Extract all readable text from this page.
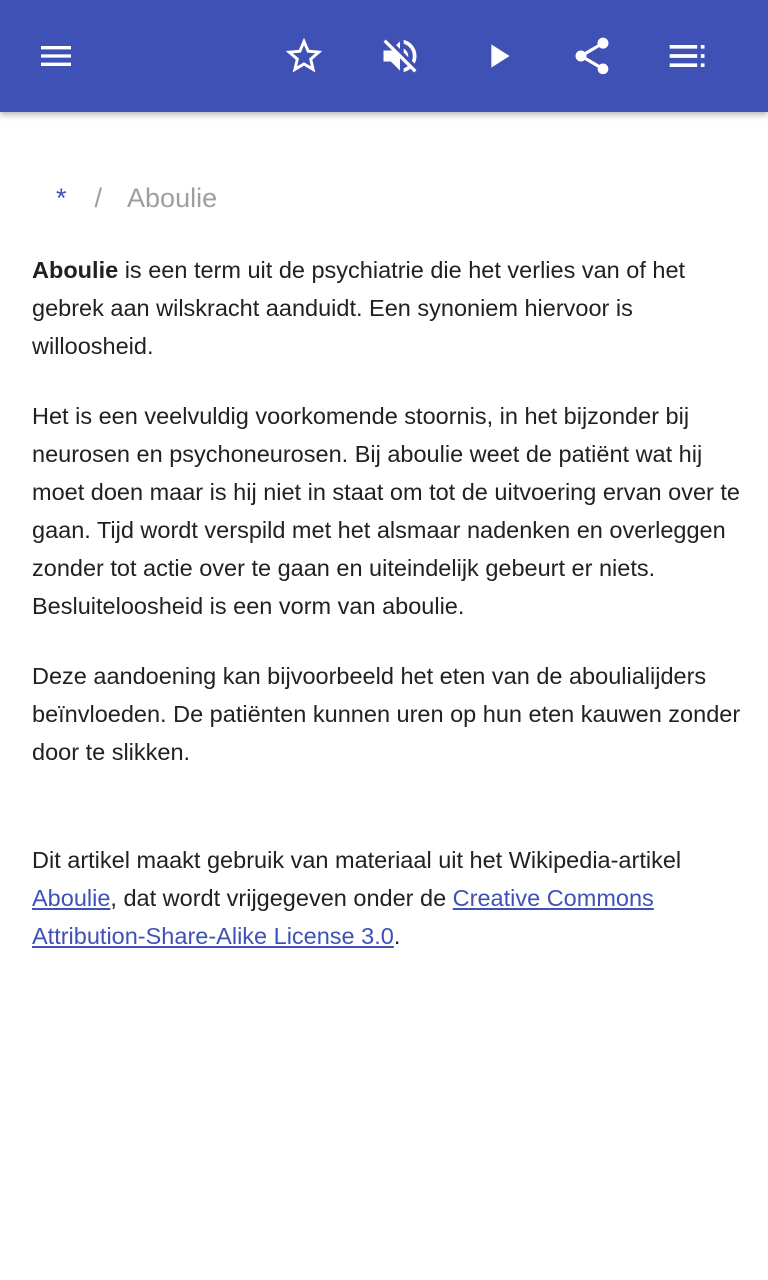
* / Aboulie

Aboulie is een term uit de psychiatrie die het verlies van of het gebrek aan wilskracht aanduidt. Een synoniem hiervoor is willoosheid.

Het is een veelvuldig voorkomende stoornis, in het bijzonder bij neurosen en psychoneurosen. Bij aboulie weet de patiënt wat hij moet doen maar is hij niet in staat om tot de uitvoering ervan over te gaan. Tijd wordt verspild met het alsmaar nadenken en overleggen zonder tot actie over te gaan en uiteindelijk gebeurt er niets. Besluiteloosheid is een vorm van aboulie.

Deze aandoening kan bijvoorbeeld het eten van de aboulialijders beïnvloeden. De patiënten kunnen uren op hun eten kauwen zonder door te slikken.

Dit artikel maakt gebruik van materiaal uit het Wikipedia-artikel Aboulie, dat wordt vrijgegeven onder de Creative Commons Attribution-Share-Alike License 3.0.
